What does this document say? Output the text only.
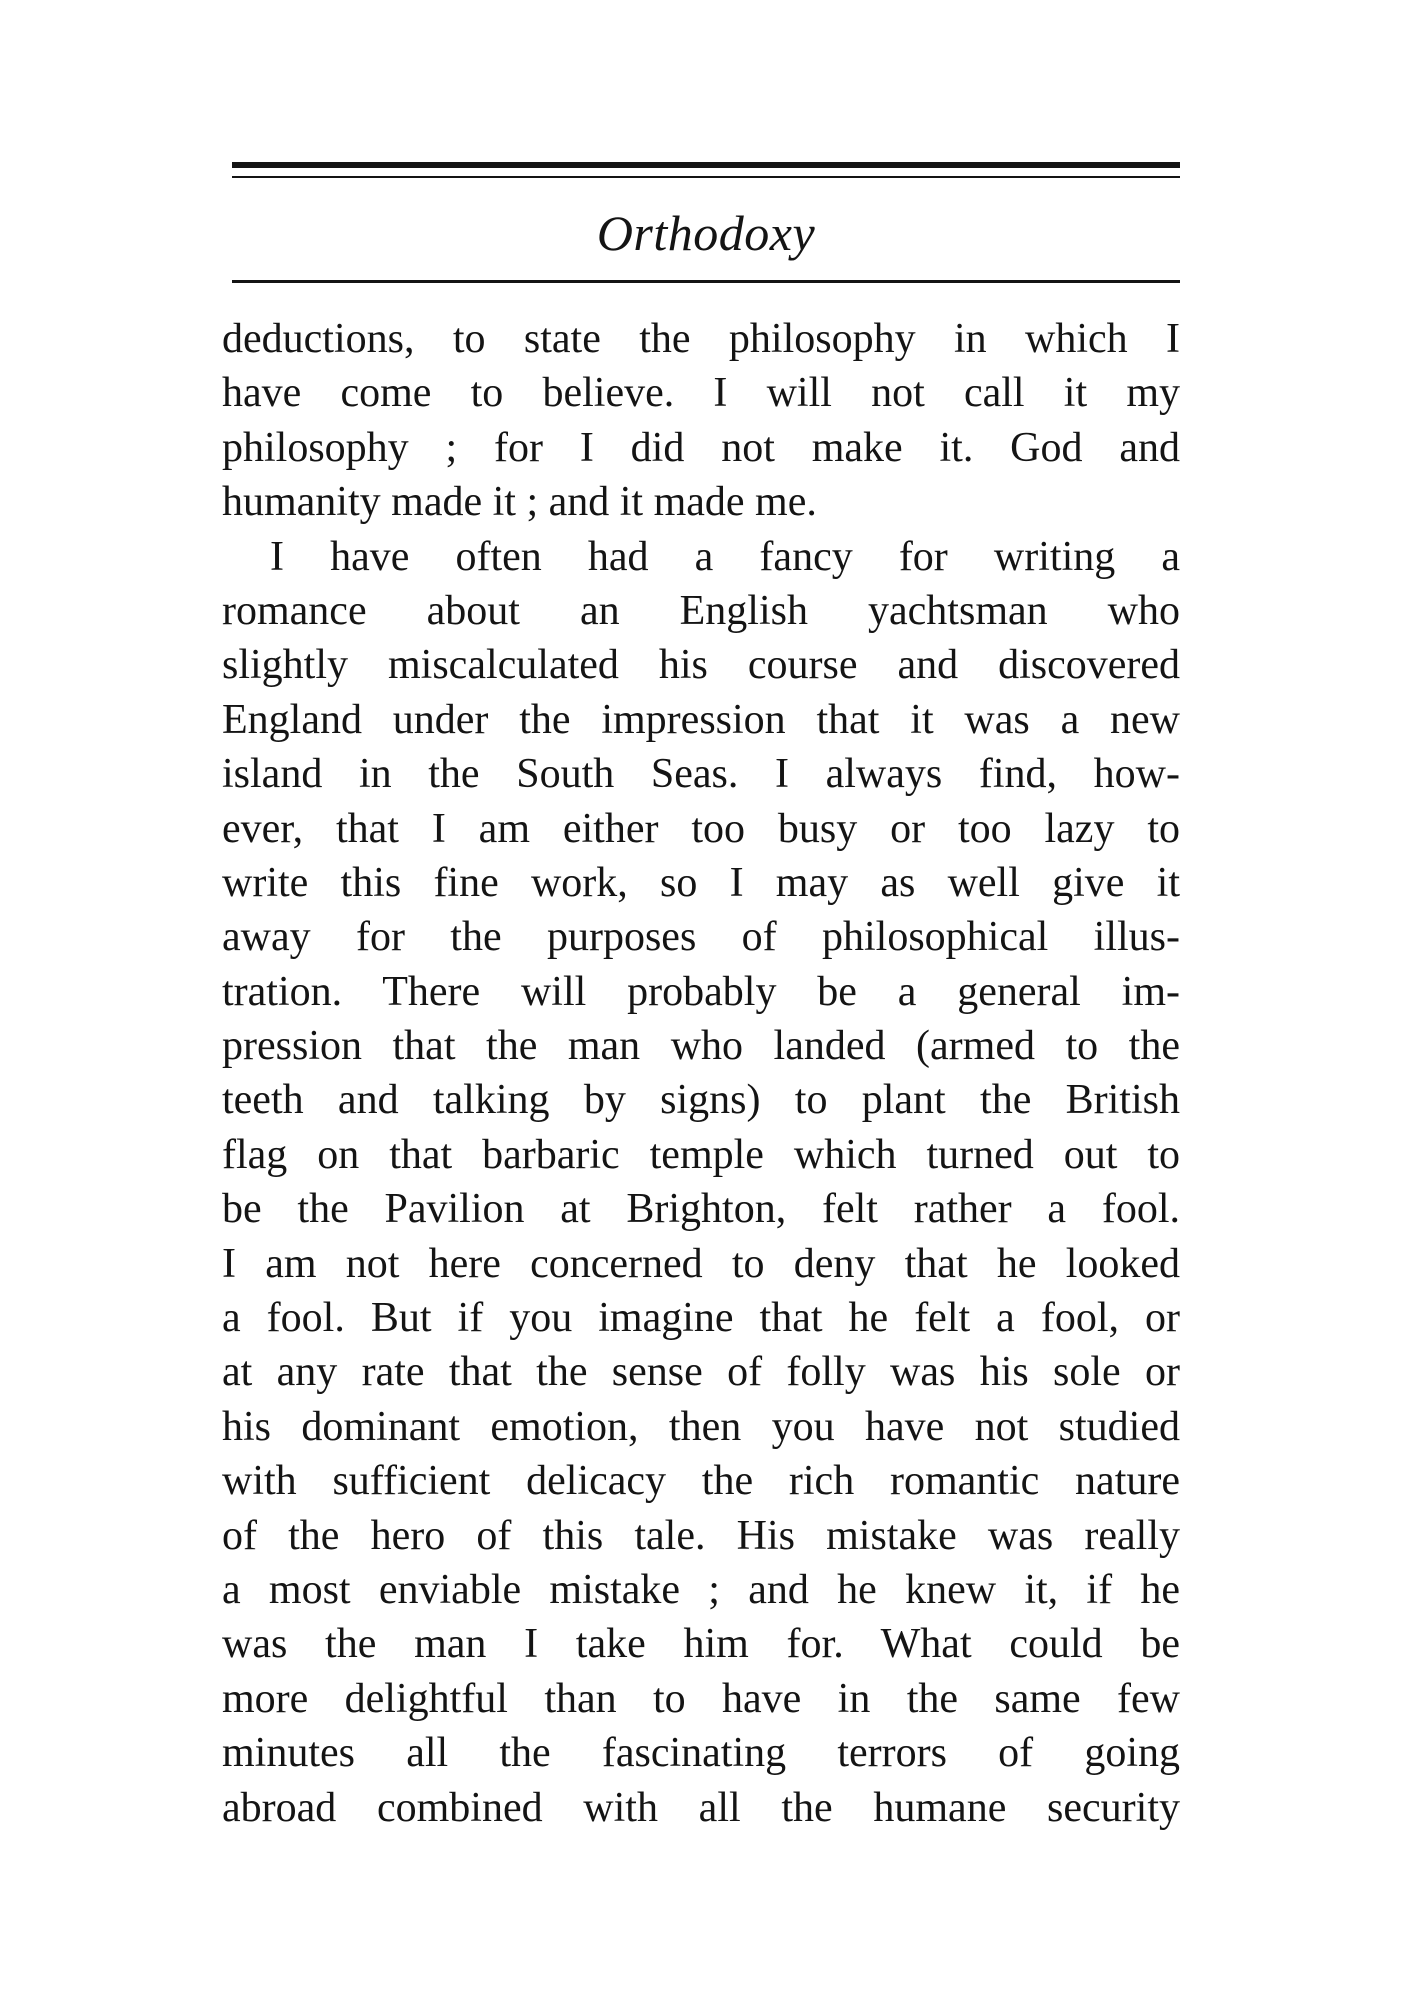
Orthodoxy
deductions, to state the philosophy in which I
have come to believe. I will not call it my
philosophy ; for I did not make it. God and
humanity made it ; and it made me.
I have often had a fancy for writing a
romance about an English yachtsman who
slightly miscalculated his course and discovered
England under the impression that it was a new
island in the South Seas. I always find, how-
ever, that I am either too busy or too lazy to
write this fine work, so I may as well give it
away for the purposes of philosophical illus-
tration. There will probably be a general im-
pression that the man who landed (armed to the
teeth and talking by signs) to plant the British
flag on that barbaric temple which turned out to
be the Pavilion at Brighton, felt rather a fool.
I am not here concerned to deny that he looked
a fool. But if you imagine that he felt a fool, or
at any rate that the sense of folly was his sole or
his dominant emotion, then you have not studied
with sufficient delicacy the rich romantic nature
of the hero of this tale. His mistake was really
a most enviable mistake ; and he knew it, if he
was the man I take him for. What could be
more delightful than to have in the same few
minutes all the fascinating terrors of going
abroad combined with all the humane security
